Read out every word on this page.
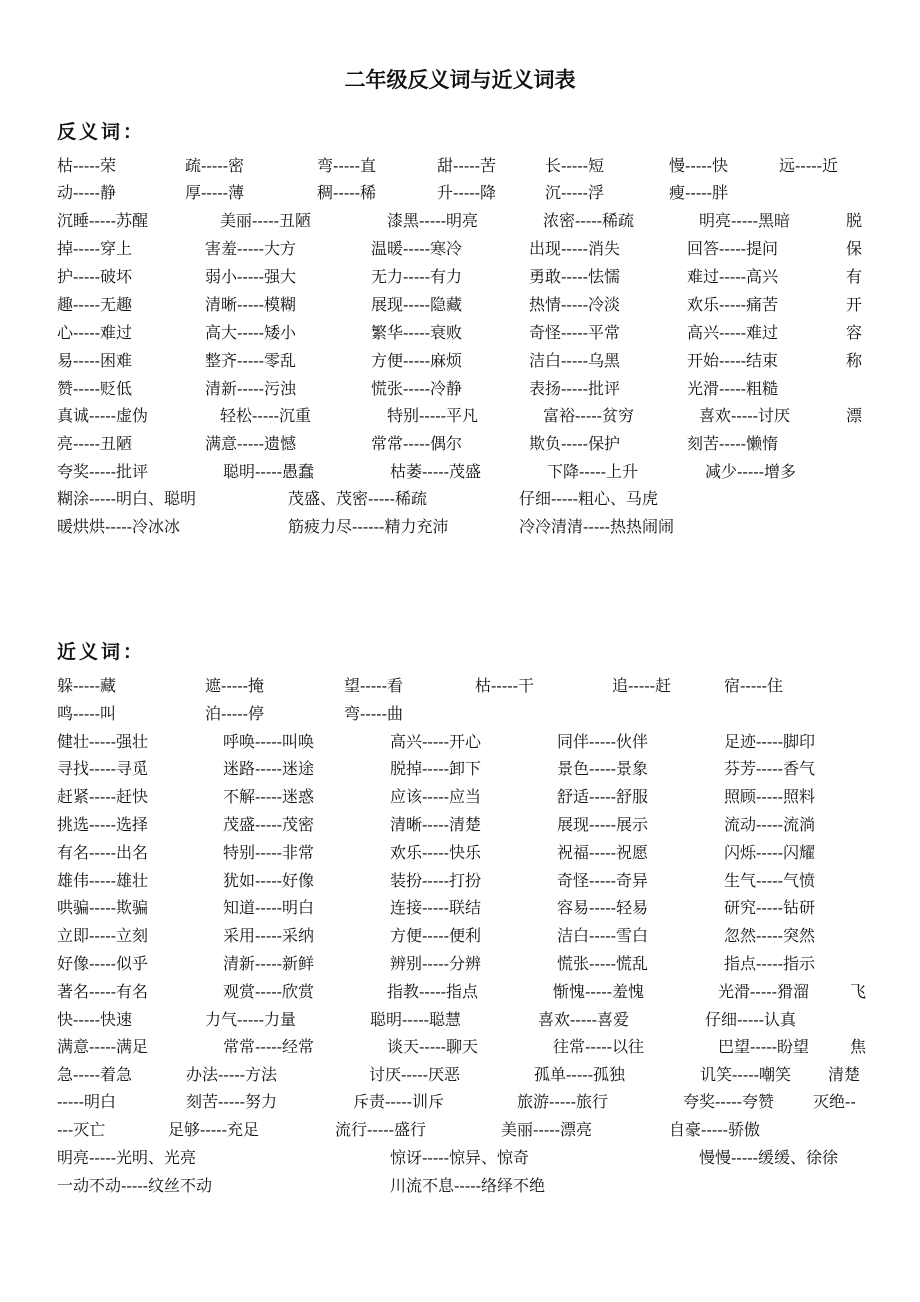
二年级反义词与近义词表
反义词：
枯-----荣	疏-----密	弯-----直	甜-----苦	长-----短	慢-----快	远-----近
动-----静	厚-----薄	稠-----稀	升-----降	沉-----浮	瘦-----胖
沉睡-----苏醒	美丽-----丑陋	漆黑-----明亮	浓密-----稀疏	明亮-----黑暗	脱
掉-----穿上	害羞-----大方	温暖-----寒冷	出现-----消失	回答-----提问	保
护-----破坏	弱小-----强大	无力-----有力	勇敢-----怯懦	难过-----高兴	有
趣-----无趣	清晰-----模糊	展现-----隐藏	热情-----冷淡	欢乐-----痛苦	开
心-----难过	高大-----矮小	繁华-----衰败	奇怪-----平常	高兴-----难过	容
易-----困难	整齐-----零乱	方便-----麻烦	洁白-----乌黑	开始-----结束	称
赞-----贬低	清新-----污浊	慌张-----冷静	表扬-----批评	光滑-----粗糙
真诚-----虚伪	轻松-----沉重	特别-----平凡	富裕-----贫穷	喜欢-----讨厌	漂
亮-----丑陋	满意-----遗憾	常常-----偶尔	欺负-----保护	刻苦-----懒惰
夸奖-----批评	聪明-----愚蠢	枯萎-----茂盛	下降-----上升	减少-----增多
糊涂-----明白、聪明	茂盛、茂密-----稀疏	仔细-----粗心、马虎
暖烘烘-----冷冰冰	筋疲力尽------精力充沛	冷冷清清-----热热闹闹
近义词：
躲-----藏	遮-----掩	望-----看	枯-----干	追-----赶	宿-----住
鸣-----叫	泊-----停	弯-----曲
健壮-----强壮	呼唤-----叫唤	高兴-----开心	同伴-----伙伴	足迹-----脚印
寻找-----寻觅	迷路-----迷途	脱掉-----卸下	景色-----景象	芬芳-----香气
赶紧-----赶快	不解-----迷惑	应该-----应当	舒适-----舒服	照顾-----照料
挑选-----选择	茂盛-----茂密	清晰-----清楚	展现-----展示	流动-----流淌
有名-----出名	特别-----非常	欢乐-----快乐	祝福-----祝愿	闪烁-----闪耀
雄伟-----雄壮	犹如-----好像	装扮-----打扮	奇怪-----奇异	生气-----气愤
哄骗-----欺骗	知道-----明白	连接-----联结	容易-----轻易	研究-----钻研
立即-----立刻	采用-----采纳	方便-----便利	洁白-----雪白	忽然-----突然
好像-----似乎	清新-----新鲜	辨别-----分辨	慌张-----慌乱	指点-----指示
著名-----有名	观赏-----欣赏	指教-----指点	惭愧-----羞愧	光滑-----猾溜	飞
快-----快速	力气-----力量	聪明-----聪慧	喜欢-----喜爱	仔细-----认真
满意-----满足	常常-----经常	谈天-----聊天	往常-----以往	巴望-----盼望	焦
急-----着急	办法-----方法	讨厌-----厌恶	孤单-----孤独	讥笑-----嘲笑 清楚
-----明白	刻苦-----努力	斥责-----训斥	旅游-----旅行	夸奖-----夸赞 灭绝--
---灭亡	足够-----充足	流行-----盛行	美丽-----漂亮	自豪-----骄傲
明亮-----光明、光亮	惊讶-----惊异、惊奇	慢慢-----缓缓、徐徐
一动不动-----纹丝不动	川流不息-----络绎不绝
